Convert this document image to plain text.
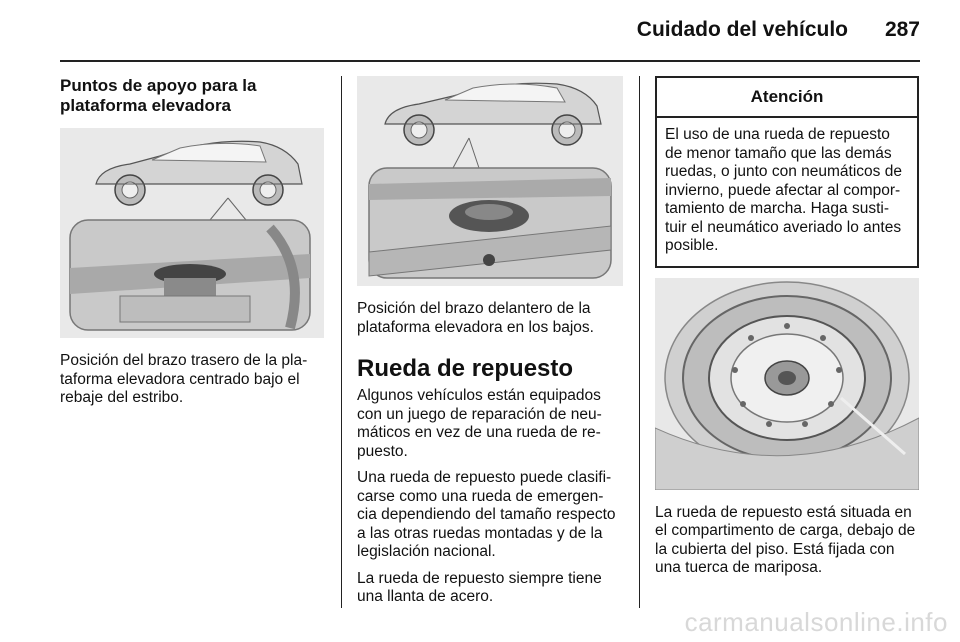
Cuidado del vehículo 287
Puntos de apoyo para la plataforma elevadora

Posición del brazo trasero de la pla-taforma elevadora centrado bajo el rebaje del estribo.

Posición del brazo delantero de la plataforma elevadora en los bajos.

Rueda de repuesto

Algunos vehículos están equipados con un juego de reparación de neu-máticos en vez de una rueda de re-puesto.

Una rueda de repuesto puede clasifi-carse como una rueda de emergen-cia dependiendo del tamaño respecto a las otras ruedas montadas y de la legislación nacional.

La rueda de repuesto siempre tiene una llanta de acero.

Atención
El uso de una rueda de repuesto de menor tamaño que las demás ruedas, o junto con neumáticos de invierno, puede afectar al compor-tamiento de marcha. Haga susti-tuir el neumático averiado lo antes posible.

La rueda de repuesto está situada en el compartimento de carga, debajo de la cubierta del piso. Está fijada con una tuerca de mariposa.

carmanualsonline.info
